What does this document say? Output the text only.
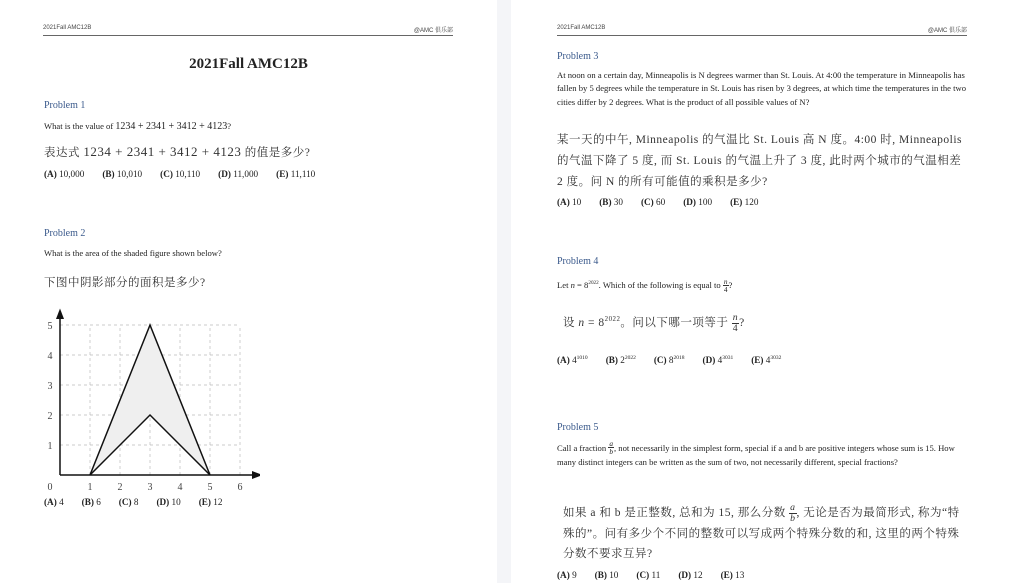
2021Fall AMC12B	@AMC 俱乐部
2021Fall AMC12B
Problem 1
What is the value of 1234 + 2341 + 3412 + 4123?
表达式 1234 + 2341 + 3412 + 4123 的值是多少?
(A) 10,000 (B) 10,010 (C) 10,110 (D) 11,000 (E) 11,110
Problem 2
What is the area of the shaded figure shown below?
下图中阴影部分的面积是多少?
0	1	2	3	4	5	6
1
2
3
4
5
(A) 4 (B) 6 (C) 8 (D) 10 (E) 12
2021Fall AMC12B	@AMC 俱乐部
Problem 3
At noon on a certain day, Minneapolis is N degrees warmer than St. Louis. At 4:00 the temperature in Minneapolis has fallen by 5 degrees while the temperature in St. Louis has risen by 3 degrees, at which time the temperatures in the two cities differ by 2 degrees. What is the product of all possible values of N?
某一天的中午, Minneapolis 的气温比 St. Louis 高 N 度。4:00 时, Minneapolis 的气温下降了 5 度, 而 St. Louis 的气温上升了 3 度, 此时两个城市的气温相差 2 度。问 N 的所有可能值的乘积是多少?
(A) 10 (B) 30 (C) 60 (D) 100 (E) 120
Problem 4
Let $n = 8^{2022}$. Which of the following is equal to $\frac{n}{4}$ ?
设 $n = 8^{2022}$。问以下哪一项等于 $\frac{n}{4}$ ?
(A) $4^{1010}$ (B) $2^{2022}$ (C) $8^{2018}$ (D) $4^{3031}$ (E) $4^{3032}$
Problem 5
Call a fraction $\frac{a}{b}$ , not necessarily in the simplest form, special if a and b are positive integers whose sum is 15. How many distinct integers can be written as the sum of two, not necessarily different, special fractions?
如果 a 和 b 是正整数, 总和为 15, 那么分数 $\frac{a}{b}$ , 无论是否为最简形式, 称为“特殊的”。问有多少个不同的整数可以写成两个特殊分数的和, 这里的两个特殊分数不要求互异?
(A) 9 (B) 10 (C) 11 (D) 12 (E) 13
